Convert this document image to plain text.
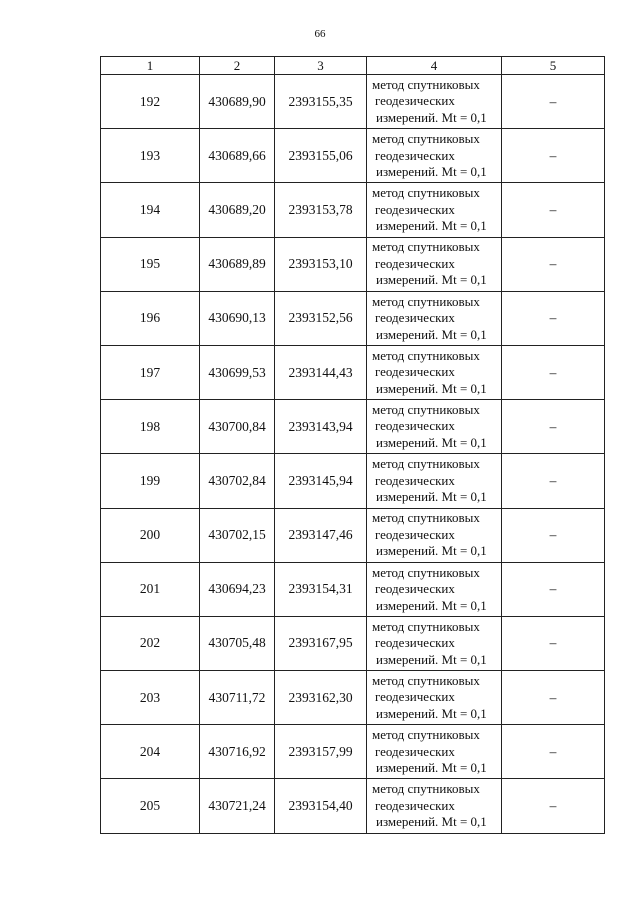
66
1	2	3	4	5
192	430689,90	2393155,35	метод спутниковых
геодезических
измерений. Mt = 0,1	–
193	430689,66	2393155,06	метод спутниковых
геодезических
измерений. Mt = 0,1	–
194	430689,20	2393153,78	метод спутниковых
геодезических
измерений. Mt = 0,1	–
195	430689,89	2393153,10	метод спутниковых
геодезических
измерений. Mt = 0,1	–
196	430690,13	2393152,56	метод спутниковых
геодезических
измерений. Mt = 0,1	–
197	430699,53	2393144,43	метод спутниковых
геодезических
измерений. Mt = 0,1	–
198	430700,84	2393143,94	метод спутниковых
геодезических
измерений. Mt = 0,1	–
199	430702,84	2393145,94	метод спутниковых
геодезических
измерений. Mt = 0,1	–
200	430702,15	2393147,46	метод спутниковых
геодезических
измерений. Mt = 0,1	–
201	430694,23	2393154,31	метод спутниковых
геодезических
измерений. Mt = 0,1	–
202	430705,48	2393167,95	метод спутниковых
геодезических
измерений. Mt = 0,1	–
203	430711,72	2393162,30	метод спутниковых
геодезических
измерений. Mt = 0,1	–
204	430716,92	2393157,99	метод спутниковых
геодезических
измерений. Mt = 0,1	–
205	430721,24	2393154,40	метод спутниковых
геодезических
измерений. Mt = 0,1	–
